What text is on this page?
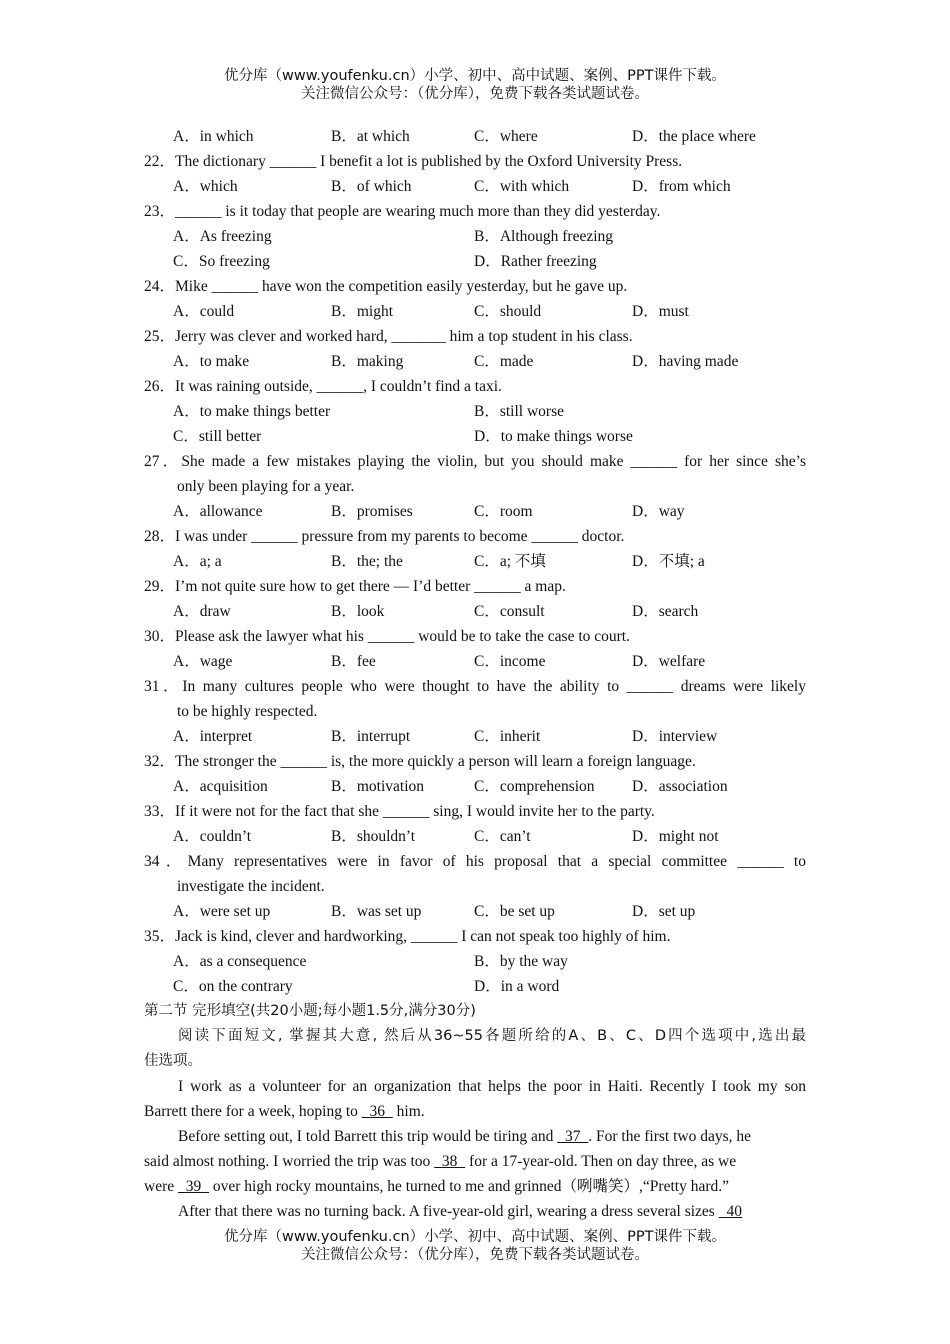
优分库（www.youfenku.cn）小学、初中、高中试题、案例、PPT课件下载。
关注微信公众号：（优分库），免费下载各类试题试卷。
A．in which	B．at which	C．where	D．the place where
22．The dictionary ______ I benefit a lot is published by the Oxford University Press.
A．which	B．of which	C．with which	D．from which
23．______ is it today that people are wearing much more than they did yesterday.
A．As freezing	B．Although freezing
C．So freezing	D．Rather freezing
24．Mike ______ have won the competition easily yesterday, but he gave up.
A．could	B．might	C．should	D．must
25．Jerry was clever and worked hard, _______ him a top student in his class.
A．to make	B．making	C．made	D．having made
26．It was raining outside, ______, I couldn’t find a taxi.
A．to make things better	B．still worse
C．still better	D．to make things worse
27．She made a few mistakes playing the violin, but you should make ______ for her since she’s
only been playing for a year.
A．allowance	B．promises	C．room	D．way
28．I was under ______ pressure from my parents to become ______ doctor.
A．a; a	B．the; the	C．a; 不填	D．不填; a
29．I’m not quite sure how to get there — I’d better ______ a map.
A．draw	B．look	C．consult	D．search
30．Please ask the lawyer what his ______ would be to take the case to court.
A．wage	B．fee	C．income	D．welfare
31．In many cultures people who were thought to have the ability to ______ dreams were likely
to be highly respected.
A．interpret	B．interrupt	C．inherit	D．interview
32．The stronger the ______ is, the more quickly a person will learn a foreign language.
A．acquisition	B．motivation	C．comprehension D．association
33．If it were not for the fact that she ______ sing, I would invite her to the party.
A．couldn’t	B．shouldn’t	C．can’t	D．might not
34．Many representatives were in favor of his proposal that a special committee ______ to
investigate the incident.
A．were set up	B．was set up	C．be set up	D．set up
35．Jack is kind, clever and hardworking, ______ I can not speak too highly of him.
A．as a consequence	B．by the way
C．on the contrary	D．in a word
第二节 完形填空(共20小题;每小题1.5分,满分30分)
阅读下面短文, 掌握其大意, 然后从36~55各题所给的A、B、C、D四个选项中,选出最
佳选项。
I work as a volunteer for an organization that helps the poor in Haiti. Recently I took my son
Barrett there for a week, hoping to   36   him.
Before setting out, I told Barrett this trip would be tiring and   37 . For the first two days, he
said almost nothing. I worried the trip was too   38   for a 17-year-old. Then on day three, as we
were   39   over high rocky mountains, he turned to me and grinned（咧嘴笑）,“Pretty hard.”
After that there was no turning back. A five-year-old girl, wearing a dress several sizes   40
优分库（www.youfenku.cn）小学、初中、高中试题、案例、PPT课件下载。
关注微信公众号：（优分库），免费下载各类试题试卷。
